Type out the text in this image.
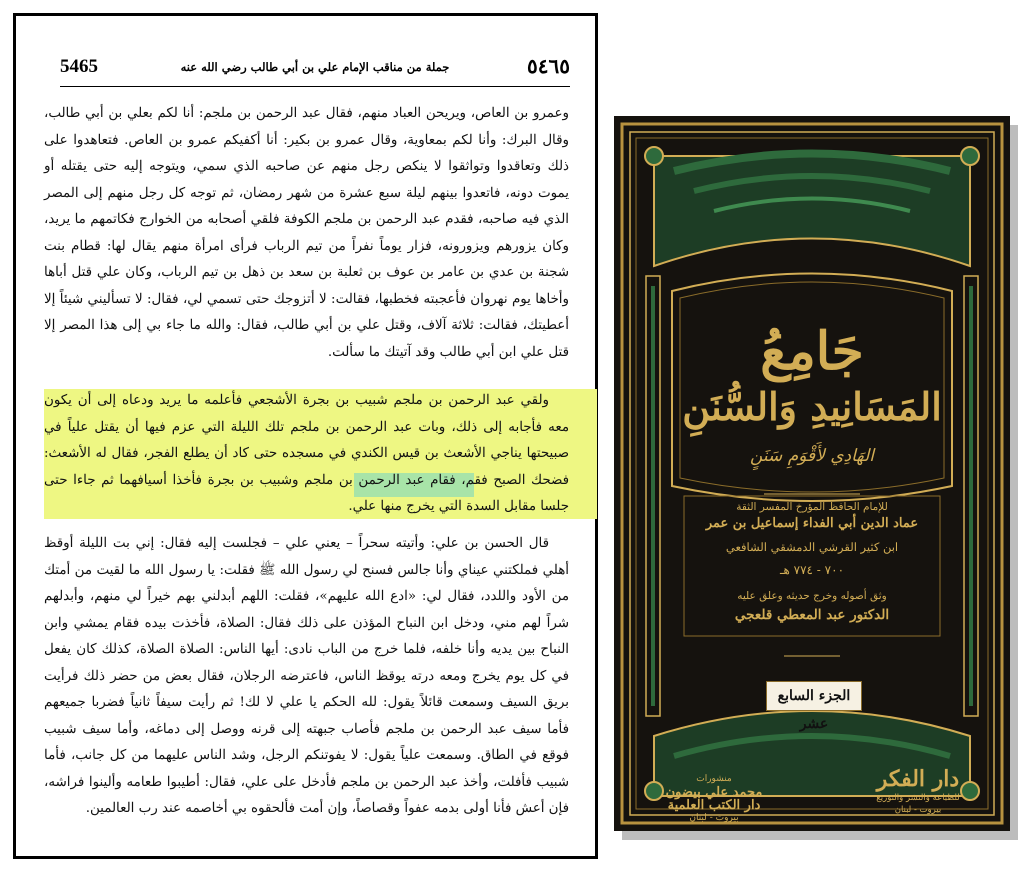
5465	جملة من مناقب الإمام علي بن أبي طالب رضي الله عنه	٥٤٦٥
وعمرو بن العاص، ويريحن العباد منهم، فقال عبد الرحمن بن ملجم: أنا لكم بعلي بن أبي طالب، وقال البرك: وأنا لكم بمعاوية، وقال عمرو بن بكير: أنا أكفيكم عمرو بن العاص. فتعاهدوا على ذلك وتعاقدوا وتواثقوا لا ينكص رجل منهم عن صاحبه الذي سمي، ويتوجه إليه حتى يقتله أو يموت دونه، فاتعدوا بينهم ليلة سبع عشرة من شهر رمضان، ثم توجه كل رجل منهم إلى المصر الذي فيه صاحبه، فقدم عبد الرحمن بن ملجم الكوفة فلقي أصحابه من الخوارج فكاتمهم ما يريد، وكان يزورهم ويزورونه، فزار يوماً نفراً من تيم الرباب فرأى امرأة منهم يقال لها: قطام بنت شجنة بن عدي بن عامر بن عوف بن ثعلبة بن سعد بن ذهل بن تيم الرباب، وكان علي قتل أباها وأخاها يوم نهروان فأعجبته فخطبها، فقالت: لا أتزوجك حتى تسمي لي، فقال: لا تسأليني شيئاً إلا أعطيتك، فقالت: ثلاثة آلاف، وقتل علي بن أبي طالب، فقال: والله ما جاء بي إلى هذا المصر إلا قتل علي ابن أبي طالب وقد آتيتك ما سألت.
ولقي عبد الرحمن بن ملجم شبيب بن بجرة الأشجعي فأعلمه ما يريد ودعاه إلى أن يكون معه فأجابه إلى ذلك، وبات عبد الرحمن بن ملجم تلك الليلة التي عزم فيها أن يقتل علياً في صبيحتها يناجي الأشعث بن قيس الكندي في مسجده حتى كاد أن يطلع الفجر، فقال له الأشعث: فضحك الصبح فقم، فقام عبد الرحمن بن ملجم وشبيب بن بجرة فأخذا أسيافهما ثم جاءا حتى جلسا مقابل السدة التي يخرج منها علي.
قال الحسن بن علي: وأتيته سحراً – يعني علي – فجلست إليه فقال: إني بت الليلة أوقظ أهلي فملكتني عيناي وأنا جالس فسنح لي رسول الله ﷺ فقلت: يا رسول الله ما لقيت من أمتك من الأود واللدد، فقال لي: «ادع الله عليهم»، فقلت: اللهم أبدلني بهم خيراً لي منهم، وأبدلهم شراً لهم مني، ودخل ابن النباح المؤذن على ذلك فقال: الصلاة، فأخذت بيده فقام يمشي وابن النباح بين يديه وأنا خلفه، فلما خرج من الباب نادى: أيها الناس: الصلاة الصلاة، كذلك كان يفعل في كل يوم يخرج ومعه درته يوقظ الناس، فاعترضه الرجلان، فقال بعض من حضر ذلك فرأيت بريق السيف وسمعت قائلاً يقول: لله الحكم يا علي لا لك! ثم رأيت سيفاً ثانياً فضربا جميعهم فأما سيف عبد الرحمن بن ملجم فأصاب جبهته إلى قرنه ووصل إلى دماغه، وأما سيف شبيب فوقع في الطاق. وسمعت علياً يقول: لا يفوتنكم الرجل، وشد الناس عليهما من كل جانب، فأما شبيب فأفلت، وأخذ عبد الرحمن بن ملجم فأدخل على علي، فقال: أطيبوا طعامه وألينوا فراشه، فإن أعش فأنا أولى بدمه عفواً وقصاصاً، وإن أمت فألحقوه بي أخاصمه عند رب العالمين.
جَامِعُ
المَسَانِيدِ وَالسُّنَنِ
الهَادِي لأَقْوَمِ سَنَنٍ
للإمام الحافظ المؤرخ المفسر الثقة
عماد الدين أبي الفداء إسماعيل بن عمر
ابن كثير القرشي الدمشقي الشافعي
٧٠٠ - ٧٧٤ هـ
وثق أصوله وخرج حديثه وعلق عليه
الدكتور عبد المعطي قلعجي
الجزء السابع عشر
منشورات
محمد علي بيضون
دار الكتب العلمية
بيروت - لبنان
دار الفكر
للطباعة والنشر والتوزيع
بيروت - لبنان
